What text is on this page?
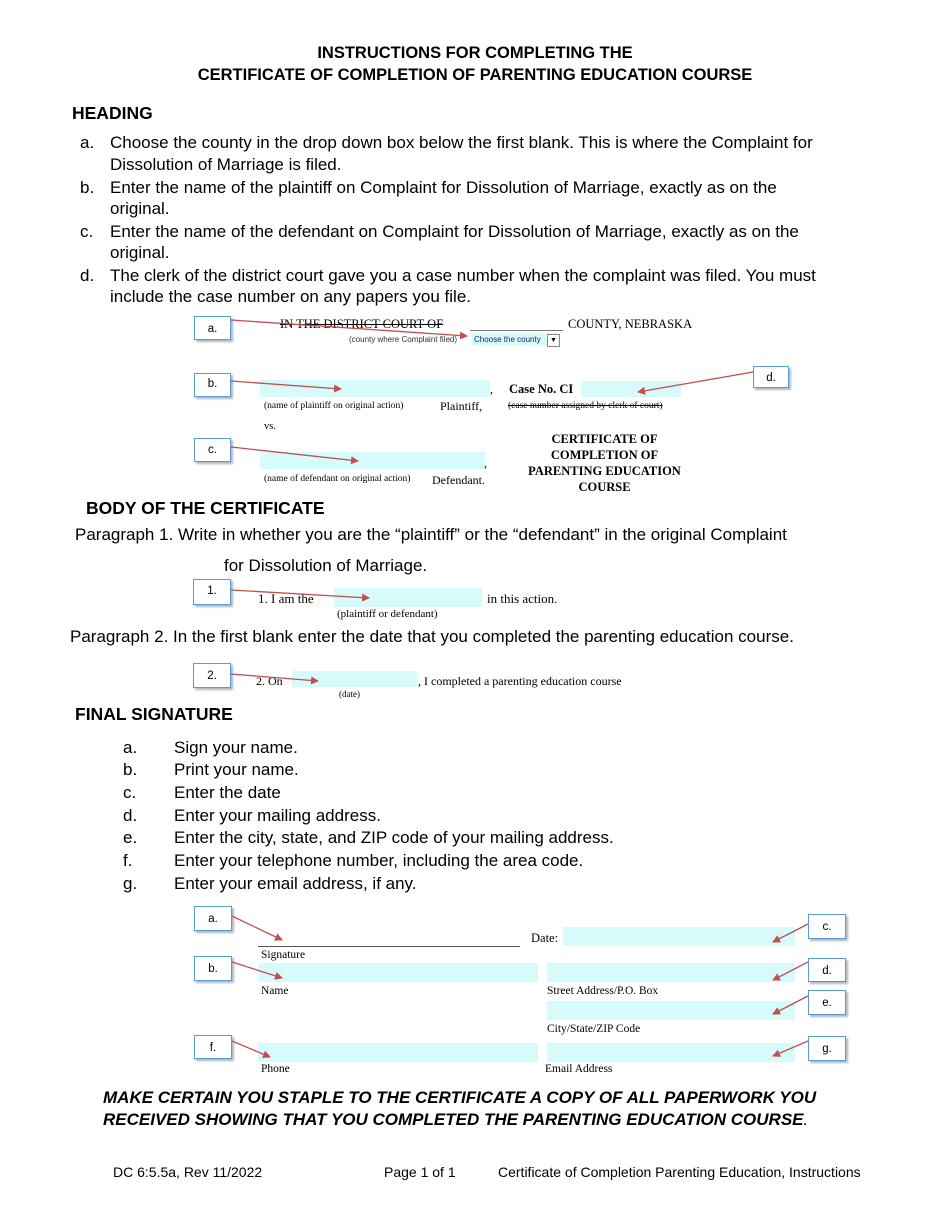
INSTRUCTIONS FOR COMPLETING THE
CERTIFICATE OF COMPLETION OF PARENTING EDUCATION COURSE
HEADING
a. Choose the county in the drop down box below the first blank. This is where the Complaint for
Dissolution of Marriage is filed.
b. Enter the name of the plaintiff on Complaint for Dissolution of Marriage, exactly as on the
original.
c. Enter the name of the defendant on Complaint for Dissolution of Marriage, exactly as on the
original.
d. The clerk of the district court gave you a case number when the complaint was filed. You must
include the case number on any papers you file.
IN THE DISTRICT COURT OF	COUNTY, NEBRASKA
(county where Complaint filed) Choose the county	▼
, Case No. CI
(name of plaintiff on original action)	Plaintiff,	(case number assigned by clerk of court)
vs.
,
(name of defendant on original action) Defendant.
CERTIFICATE OF
COMPLETION OF
PARENTING EDUCATION
COURSE
a.
b.
c.
d.
BODY OF THE CERTIFICATE
Paragraph 1. Write in whether you are the “plaintiff” or the “defendant” in the original Complaint
for Dissolution of Marriage.
1.	1. I am the	in this action.
(plaintiff or defendant)
Paragraph 2. In the first blank enter the date that you completed the parenting education course.
2.	2. On	, I completed a parenting education course
(date)
FINAL SIGNATURE
a. Sign your name.
b. Print your name.
c. Enter the date
d. Enter your mailing address.
e. Enter the city, state, and ZIP code of your mailing address.
f. Enter your telephone number, including the area code.
g. Enter your email address, if any.
Date:
Signature
Name	Street Address/P.O. Box
City/State/ZIP Code
Phone	Email Address
a.
b.
c.
d.
e.
f.	g.
MAKE CERTAIN YOU STAPLE TO THE CERTIFICATE A COPY OF ALL PAPERWORK YOU
RECEIVED SHOWING THAT YOU COMPLETED THE PARENTING EDUCATION COURSE.
DC 6:5.5a, Rev 11/2022	Page 1 of 1	Certificate of Completion Parenting Education, Instructions
